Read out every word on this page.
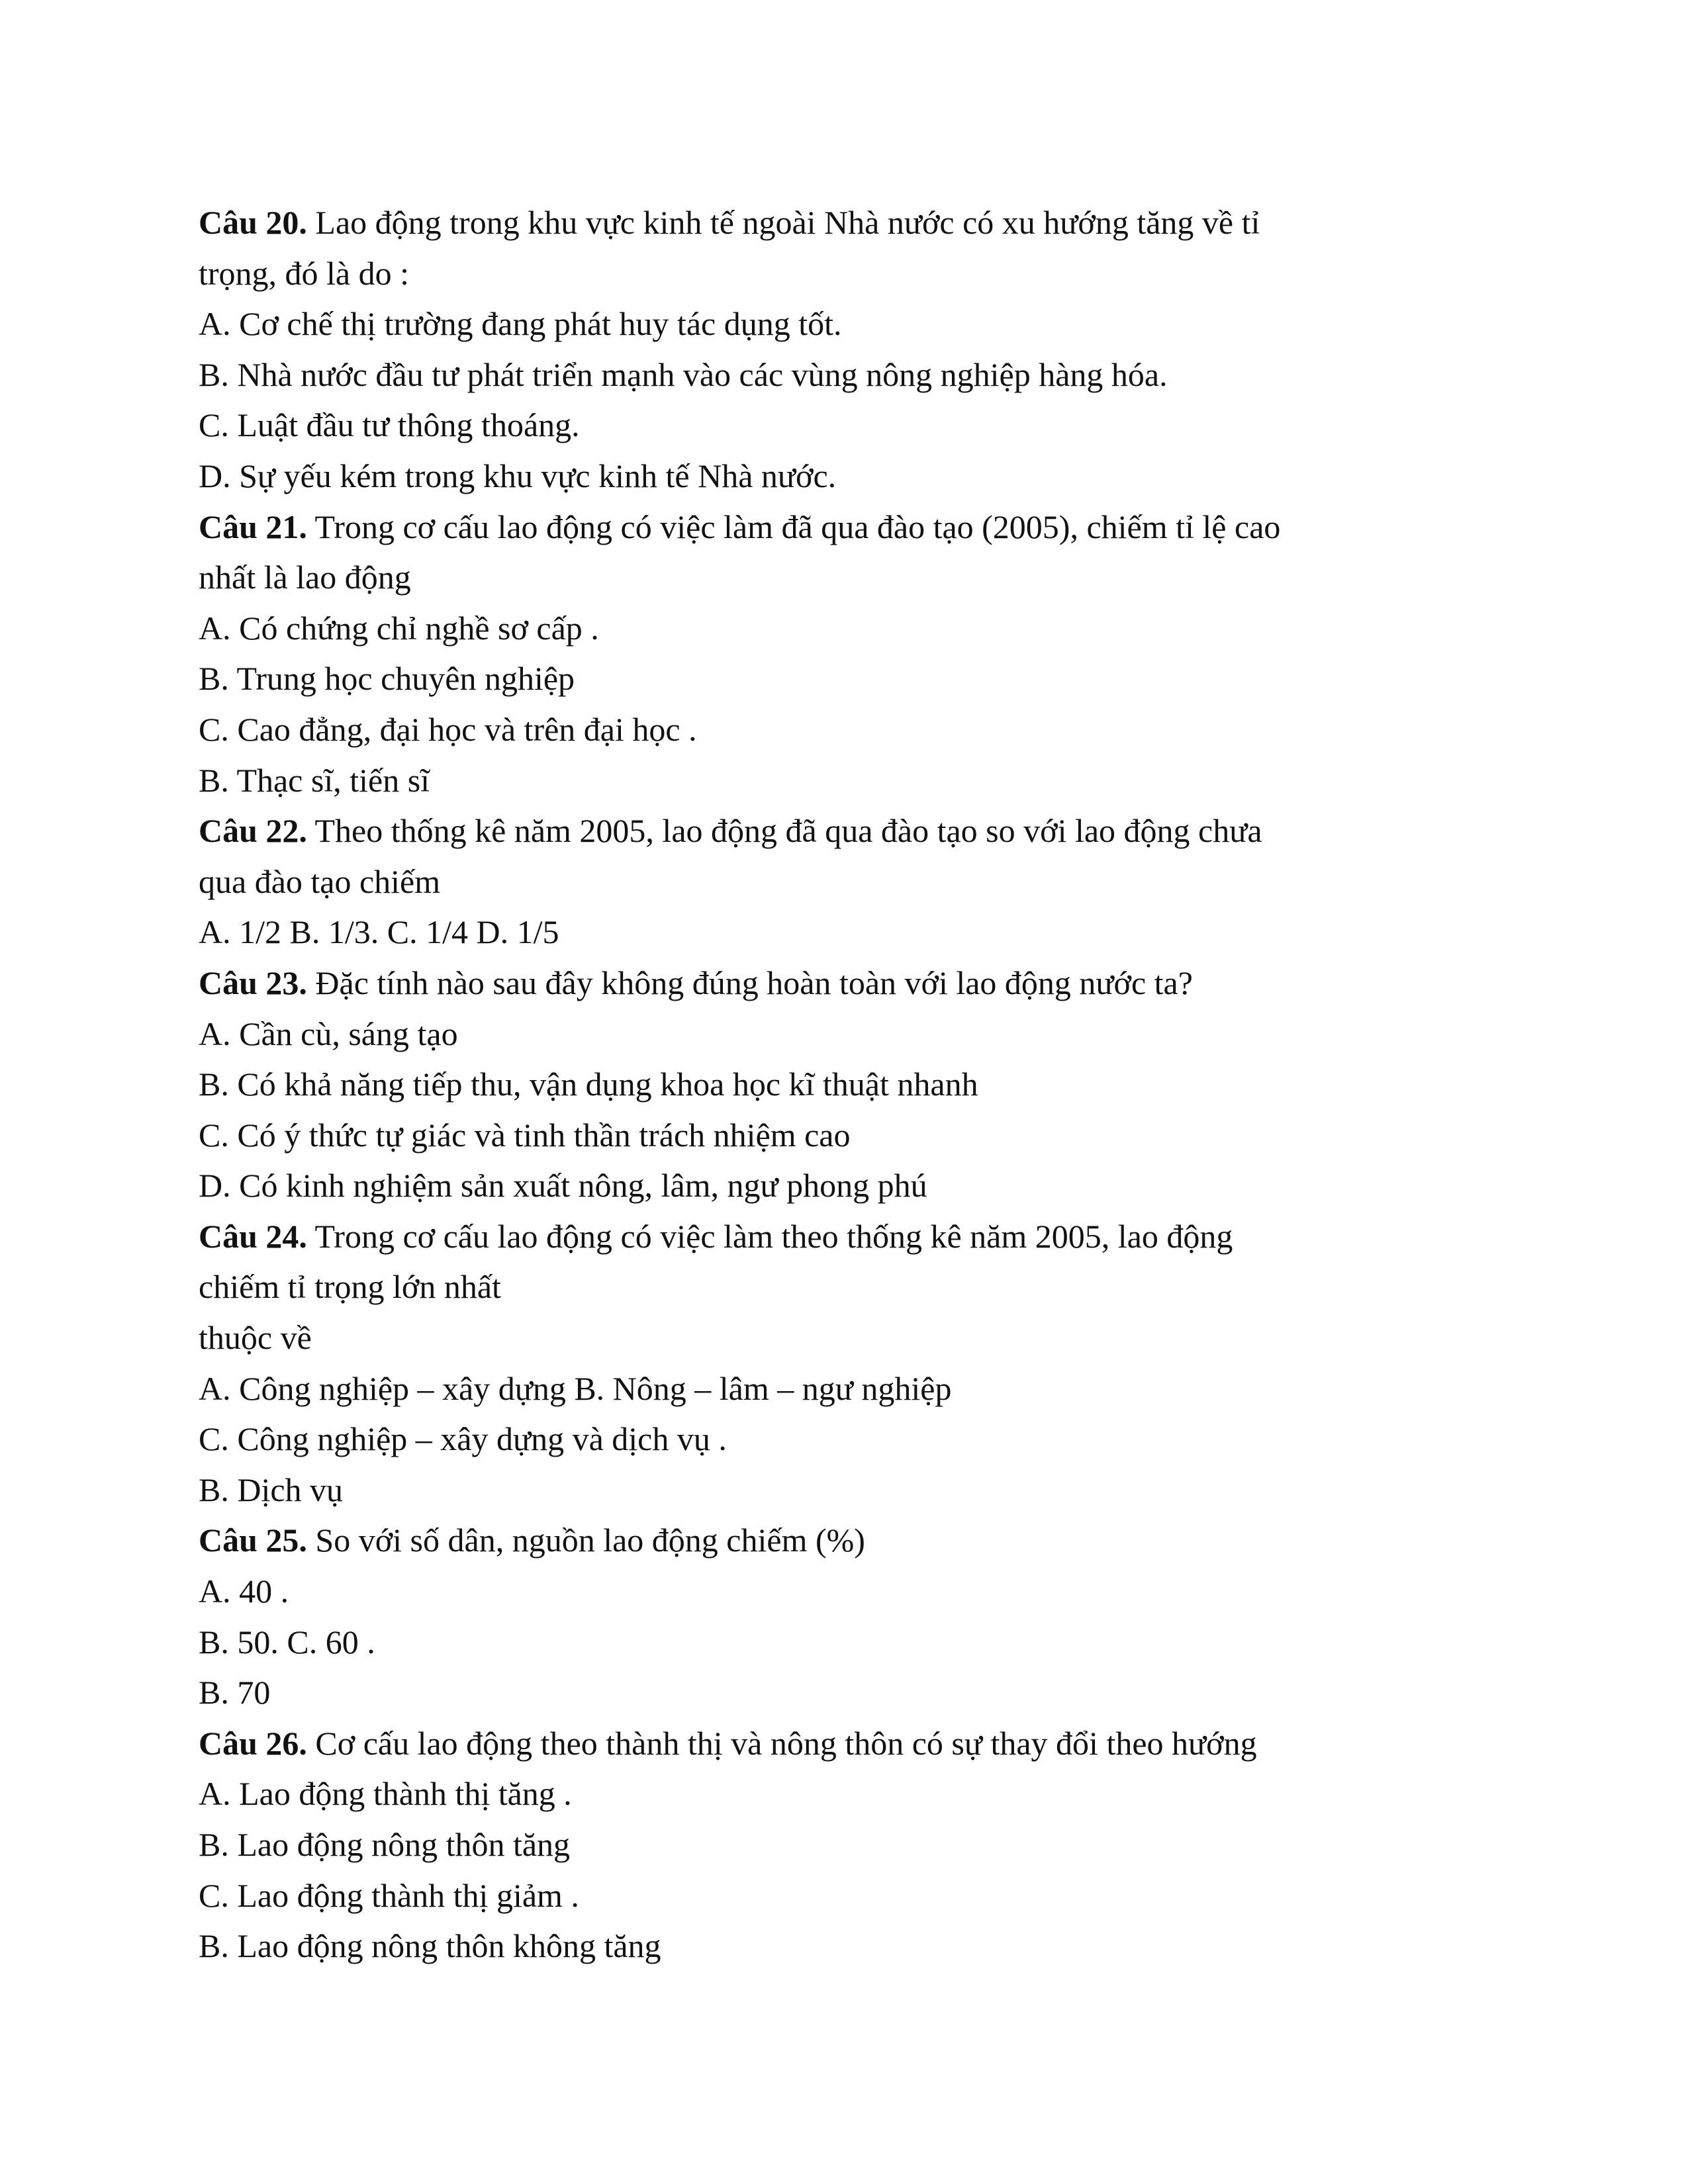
Câu 20. Lao động trong khu vực kinh tế ngoài Nhà nước có xu hướng tăng về tỉ
trọng, đó là do :
A. Cơ chế thị trường đang phát huy tác dụng tốt.
B. Nhà nước đầu tư phát triển mạnh vào các vùng nông nghiệp hàng hóa.
C. Luật đầu tư thông thoáng.
D. Sự yếu kém trong khu vực kinh tế Nhà nước.
Câu 21. Trong cơ cấu lao động có việc làm đã qua đào tạo (2005), chiếm tỉ lệ cao
nhất là lao động
A. Có chứng chỉ nghề sơ cấp .
B. Trung học chuyên nghiệp
C. Cao đẳng, đại học và trên đại học .
B. Thạc sĩ, tiến sĩ
Câu 22. Theo thống kê năm 2005, lao động đã qua đào tạo so với lao động chưa
qua đào tạo chiếm
A. 1/2 B. 1/3. C. 1/4 D. 1/5
Câu 23. Đặc tính nào sau đây không đúng hoàn toàn với lao động nước ta?
A. Cần cù, sáng tạo
B. Có khả năng tiếp thu, vận dụng khoa học kĩ thuật nhanh
C. Có ý thức tự giác và tinh thần trách nhiệm cao
D. Có kinh nghiệm sản xuất nông, lâm, ngư phong phú
Câu 24. Trong cơ cấu lao động có việc làm theo thống kê năm 2005, lao động
chiếm tỉ trọng lớn nhất
thuộc về
A. Công nghiệp – xây dựng B. Nông – lâm – ngư nghiệp
C. Công nghiệp – xây dựng và dịch vụ .
B. Dịch vụ
Câu 25. So với số dân, nguồn lao động chiếm (%)
A. 40 .
B. 50. C. 60 .
B. 70
Câu 26. Cơ cấu lao động theo thành thị và nông thôn có sự thay đổi theo hướng
A. Lao động thành thị tăng .
B. Lao động nông thôn tăng
C. Lao động thành thị giảm .
B. Lao động nông thôn không tăng
